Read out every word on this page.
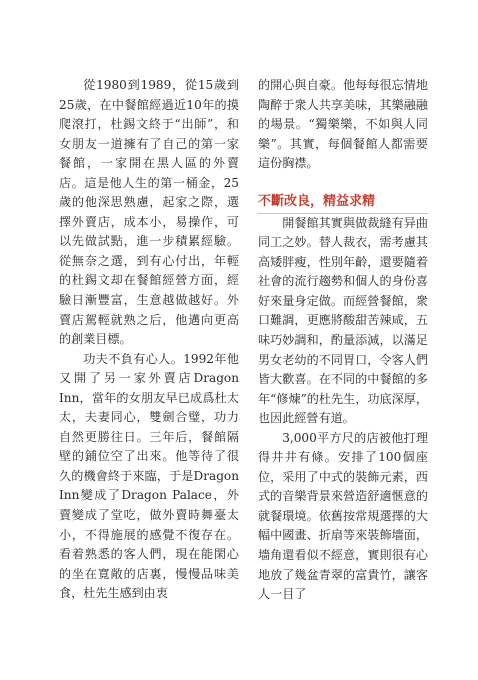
從1980到1989，從15歲到25歲，在中餐館經過近10年的摸爬滾打，杜錫文終于“出師”，和女朋友一道擁有了自己的第一家餐館，一家開在黑人區的外賣店。這是他人生的第一桶金，25歲的他深思熟慮，起家之際，選擇外賣店，成本小，易操作，可以先做試點，進一步積累經驗。從無奈之選，到有心付出，年輕的杜錫文却在餐館經營方面，經驗日漸豐富，生意越做越好。外賣店駕輕就熟之后，他邁向更高的創業目標。

功夫不負有心人。1992年他又開了另一家外賣店Dragon Inn，當年的女朋友早已成爲杜太太，夫妻同心，雙劍合璧，功力自然更勝往日。三年后，餐館隔壁的鋪位空了出來。他等待了很久的機會終于來臨，于是Dragon Inn變成了Dragon Palace，外賣變成了堂吃，做外賣時舞臺太小，不得施展的感覺不復存在。看着熟悉的客人們，現在能閑心的坐在寬敞的店裏，慢慢品味美食，杜先生感到由衷

的開心與自豪。他每每很忘情地陶醉于衆人共享美味，其樂融融的場景。“獨樂樂，不如與人同樂”。其實，每個餐館人都需要這份胸襟。

不斷改良，精益求精

開餐館其實與做裁縫有异曲同工之妙。替人裁衣，需考慮其高矮胖瘦，性別年齡，還要隨着社會的流行趨勢和個人的身份喜好來量身定做。而經營餐館，衆口難調，更應將酸甜苦辣咸，五味巧妙調和，酌量添減，以滿足男女老幼的不同胃口，令客人們皆大歡喜。在不同的中餐館的多年“修煉”的杜先生，功底深厚，也因此經營有道。

3,000平方尺的店被他打理得井井有條。安排了100個座位，采用了中式的裝飾元素，西式的音樂背景來營造舒適愜意的就餐環境。依舊按常規選擇的大幅中國畫、折扇等來裝飾墻面，墻角還看似不經意，實則很有心地放了幾盆青翠的富貴竹，讓客人一目了
